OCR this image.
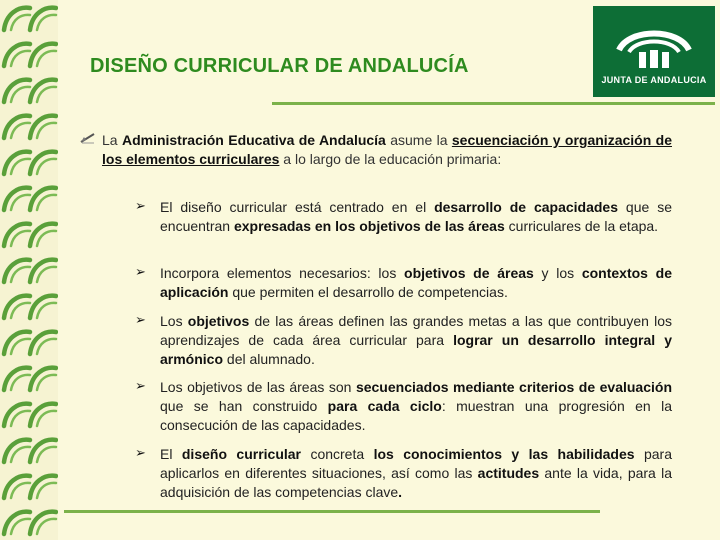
DISEÑO CURRICULAR DE ANDALUCÍA
JUNTA DE ANDALUCIA
La Administración Educativa de Andalucía asume la secuenciación y organización de los elementos curriculares a lo largo de la educación primaria:
➢ El diseño curricular está centrado en el desarrollo de capacidades que se encuentran expresadas en los objetivos de las áreas curriculares de la etapa.
➢ Incorpora elementos necesarios: los objetivos de áreas y los contextos de aplicación que permiten el desarrollo de competencias.
➢ Los objetivos de las áreas definen las grandes metas a las que contribuyen los aprendizajes de cada área curricular para lograr un desarrollo integral y armónico del alumnado.
➢ Los objetivos de las áreas son secuenciados mediante criterios de evaluación que se han construido para cada ciclo: muestran una progresión en la consecución de las capacidades.
➢ El diseño curricular concreta los conocimientos y las habilidades para aplicarlos en diferentes situaciones, así como las actitudes ante la vida, para la adquisición de las competencias clave.
